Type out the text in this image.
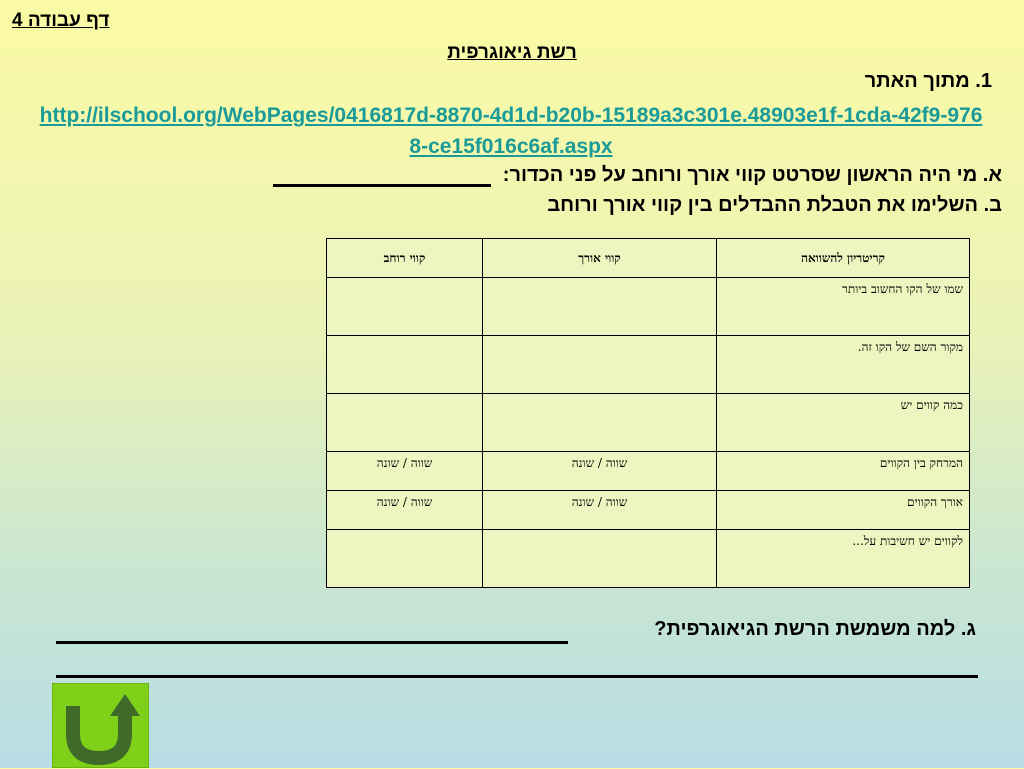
דף עבודה 4
רשת גיאוגרפית
1. מתוך האתר
http://ilschool.org/WebPages/0416817d-8870-4d1d-b20b-15189a3c301e.48903e1f-1cda-42f9-9768-ce15f016c6af.aspx
א. מי היה הראשון שסרטט קווי אורך ורוחב על פני הכדור:
ב. השלימו את הטבלת ההבדלים בין קווי אורך ורוחב
קריטריון להשוואה	קווי אורך	קווי רוחב
שמו של הקו החשוב ביותר		
מקור השם של הקו זה.		
כמה קווים יש		
המרחק בין הקווים	שווה / שונה	שווה / שונה
אורך הקווים	שווה / שונה	שווה / שונה
לקווים יש חשיבות על...		
ג. למה משמשת הרשת הגיאוגרפית?
